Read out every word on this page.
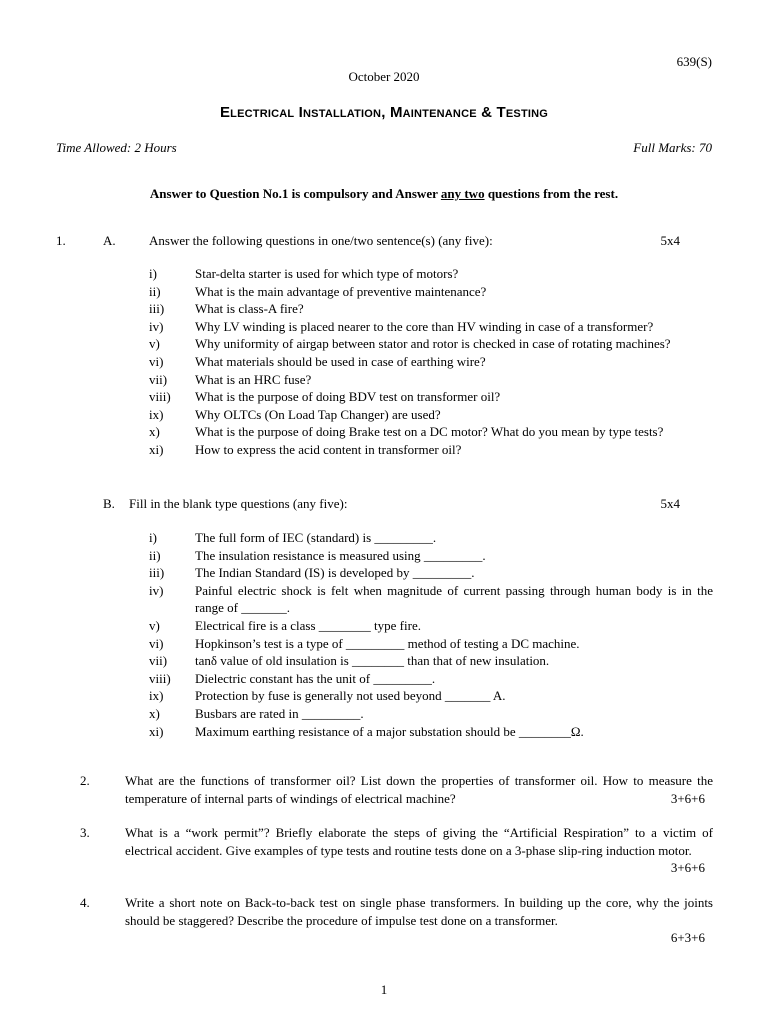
639(S)
October 2020
Electrical Installation, Maintenance & Testing
Time Allowed: 2 Hours	Full Marks: 70
Answer to Question No.1 is compulsory and Answer any two questions from the rest.
1.	A.	Answer the following questions in one/two sentence(s) (any five):	5x4
i)	Star-delta starter is used for which type of motors?
ii)	What is the main advantage of preventive maintenance?
iii)	What is class-A fire?
iv)	Why LV winding is placed nearer to the core than HV winding in case of a transformer?
v)	Why uniformity of airgap between stator and rotor is checked in case of rotating machines?
vi)	What materials should be used in case of earthing wire?
vii)	What is an HRC fuse?
viii)	What is the purpose of doing BDV test on transformer oil?
ix)	Why OLTCs (On Load Tap Changer) are used?
x)	What is the purpose of doing Brake test on a DC motor? What do you mean by type tests?
xi)	How to express the acid content in transformer oil?
B. Fill in the blank type questions (any five):	5x4
i)	The full form of IEC (standard) is _________.
ii)	The insulation resistance is measured using _________.
iii)	The Indian Standard (IS) is developed by _________.
iv)	Painful electric shock is felt when magnitude of current passing through human body is in the range of _______.
v)	Electrical fire is a class ________ type fire.
vi)	Hopkinson’s test is a type of _________ method of testing a DC machine.
vii)	tanδ value of old insulation is ________ than that of new insulation.
viii)	Dielectric constant has the unit of _________.
ix)	Protection by fuse is generally not used beyond _______ A.
x)	Busbars are rated in _________.
xi)	Maximum earthing resistance of a major substation should be ________Ω.
2.	What are the functions of transformer oil? List down the properties of transformer oil. How to measure the temperature of internal parts of windings of electrical machine?	3+6+6
3.	What is a “work permit”? Briefly elaborate the steps of giving the “Artificial Respiration” to a victim of electrical accident. Give examples of type tests and routine tests done on a 3-phase slip-ring induction motor.
3+6+6
4.	Write a short note on Back-to-back test on single phase transformers. In building up the core, why the joints should be staggered? Describe the procedure of impulse test done on a transformer.
6+3+6
1
